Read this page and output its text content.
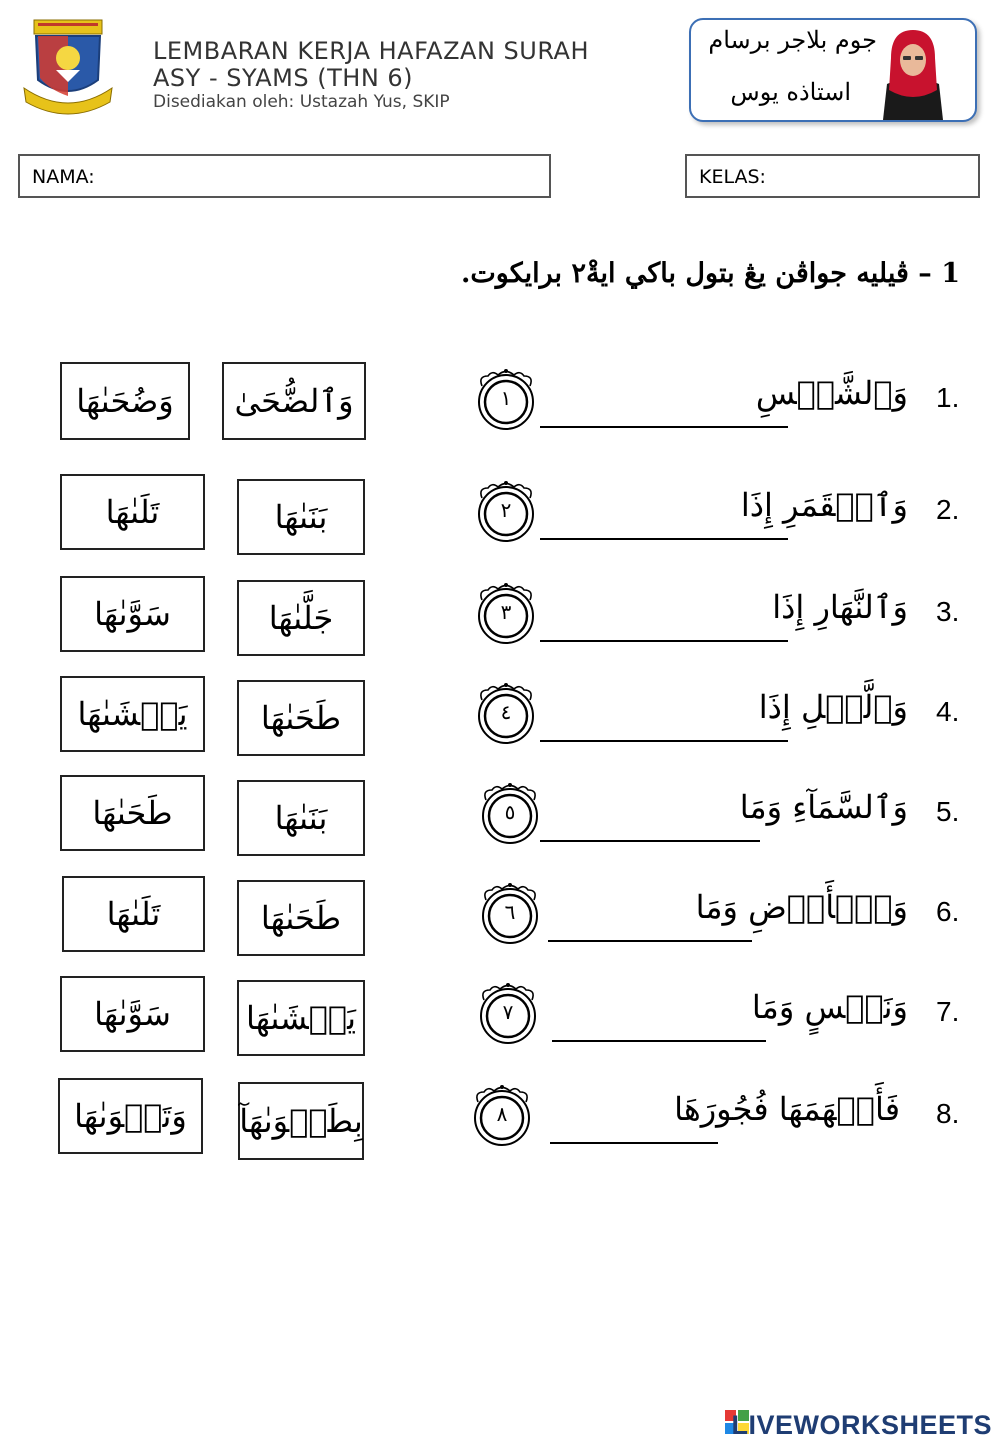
LEMBARAN KERJA HAFAZAN SURAH
ASY - SYAMS (THN 6)
Disediakan oleh: Ustazah Yus, SKIP
جوم بلاجر برسام
استاذه يوس
NAMA:	KELAS:
1 – ڤيليه جواڤن يڠ بتول باکي ايةْ٢ برايکوت.
1.
وَٱلشَّمۡسِ
١
وَٱلضُّحَىٰ
وَضُحَىٰهَا
2.
وَٱلۡقَمَرِ إِذَا
٢
بَنَىٰهَا
تَلَىٰهَا
3.
وَٱلنَّهَارِ إِذَا
٣
جَلَّىٰهَا
سَوَّىٰهَا
4.
وَٱلَّيۡلِ إِذَا
٤
طَحَىٰهَا
يَغۡشَىٰهَا
5.
وَٱلسَّمَآءِ وَمَا
٥
بَنَىٰهَا
طَحَىٰهَا
6.
وَٱلۡأَرۡضِ وَمَا
٦
طَحَىٰهَا
تَلَىٰهَا
7.
وَنَفۡسٍ وَمَا
٧
يَغۡشَىٰهَا
سَوَّىٰهَا
8.
فَأَلۡهَمَهَا فُجُورَهَا
٨
بِطَغۡوَىٰهَآ
وَتَقۡوَىٰهَا
LIVEWORKSHEETS
